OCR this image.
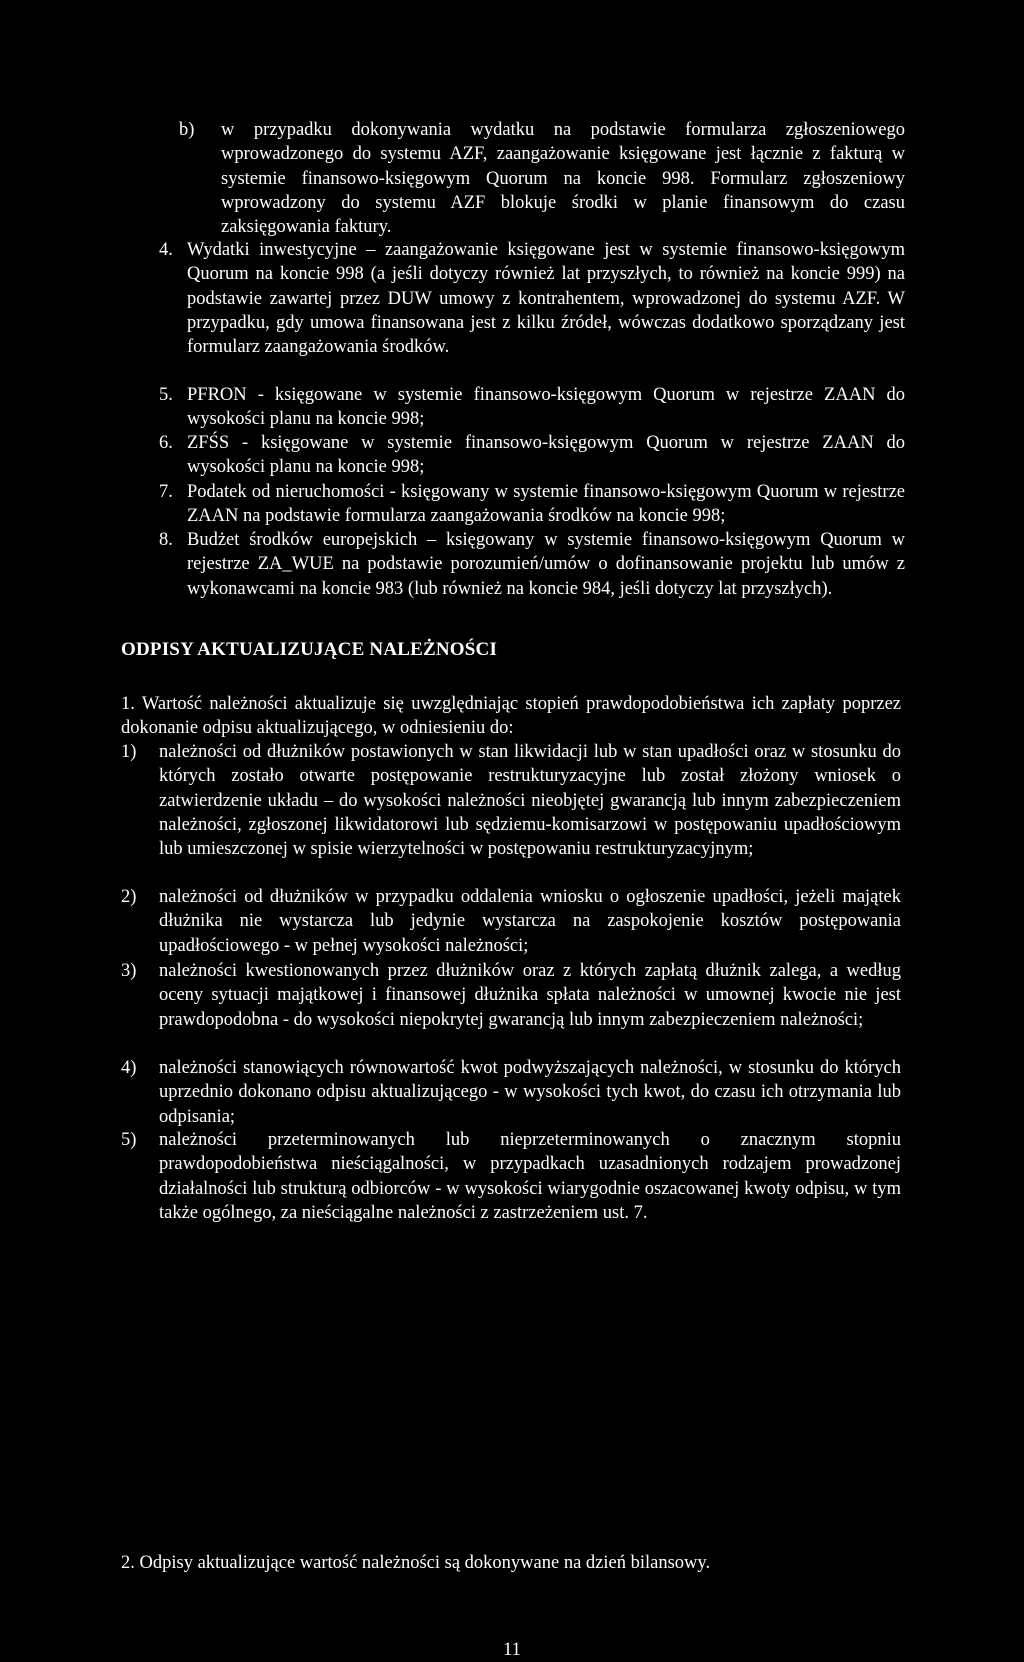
b) w przypadku dokonywania wydatku na podstawie formularza zgłoszeniowego wprowadzonego do systemu AZF, zaangażowanie księgowane jest łącznie z fakturą w systemie finansowo-księgowym Quorum na koncie 998. Formularz zgłoszeniowy wprowadzony do systemu AZF blokuje środki w planie finansowym do czasu zaksięgowania faktury.
4. Wydatki inwestycyjne – zaangażowanie księgowane jest w systemie finansowo-księgowym Quorum na koncie 998 (a jeśli dotyczy również lat przyszłych, to również na koncie 999) na podstawie zawartej przez DUW umowy z kontrahentem, wprowadzonej do systemu AZF. W przypadku, gdy umowa finansowana jest z kilku źródeł, wówczas dodatkowo sporządzany jest formularz zaangażowania środków.
5. PFRON - księgowane w systemie finansowo-księgowym Quorum w rejestrze ZAAN do wysokości planu na koncie 998;
6. ZFŚS - księgowane w systemie finansowo-księgowym Quorum w rejestrze ZAAN do wysokości planu na koncie 998;
7. Podatek od nieruchomości - księgowany w systemie finansowo-księgowym Quorum w rejestrze ZAAN na podstawie formularza zaangażowania środków na koncie 998;
8. Budżet środków europejskich – księgowany w systemie finansowo-księgowym Quorum w rejestrze ZA_WUE na podstawie porozumień/umów o dofinansowanie projektu lub umów z wykonawcami na koncie 983 (lub również na koncie 984, jeśli dotyczy lat przyszłych).
ODPISY AKTUALIZUJĄCE NALEŻNOŚCI
1. Wartość należności aktualizuje się uwzględniając stopień prawdopodobieństwa ich zapłaty poprzez dokonanie odpisu aktualizującego, w odniesieniu do:
1) należności od dłużników postawionych w stan likwidacji lub w stan upadłości oraz w stosunku do których zostało otwarte postępowanie restrukturyzacyjne lub został złożony wniosek o zatwierdzenie układu – do wysokości należności nieobjętej gwarancją lub innym zabezpieczeniem należności, zgłoszonej likwidatorowi lub sędziemu-komisarzowi w postępowaniu upadłościowym lub umieszczonej w spisie wierzytelności w postępowaniu restrukturyzacyjnym;
2) należności od dłużników w przypadku oddalenia wniosku o ogłoszenie upadłości, jeżeli majątek dłużnika nie wystarcza lub jedynie wystarcza na zaspokojenie kosztów postępowania upadłościowego - w pełnej wysokości należności;
3) należności kwestionowanych przez dłużników oraz z których zapłatą dłużnik zalega, a według oceny sytuacji majątkowej i finansowej dłużnika spłata należności w umownej kwocie nie jest prawdopodobna - do wysokości niepokrytej gwarancją lub innym zabezpieczeniem należności;
4) należności stanowiących równowartość kwot podwyższających należności, w stosunku do których uprzednio dokonano odpisu aktualizującego - w wysokości tych kwot, do czasu ich otrzymania lub odpisania;
5) należności przeterminowanych lub nieprzeterminowanych o znacznym stopniu prawdopodobieństwa nieściągalności, w przypadkach uzasadnionych rodzajem prowadzonej działalności lub strukturą odbiorców - w wysokości wiarygodnie oszacowanej kwoty odpisu, w tym także ogólnego, za nieściągalne należności z zastrzeżeniem ust. 7.
2. Odpisy aktualizujące wartość należności są dokonywane na dzień bilansowy.
11
